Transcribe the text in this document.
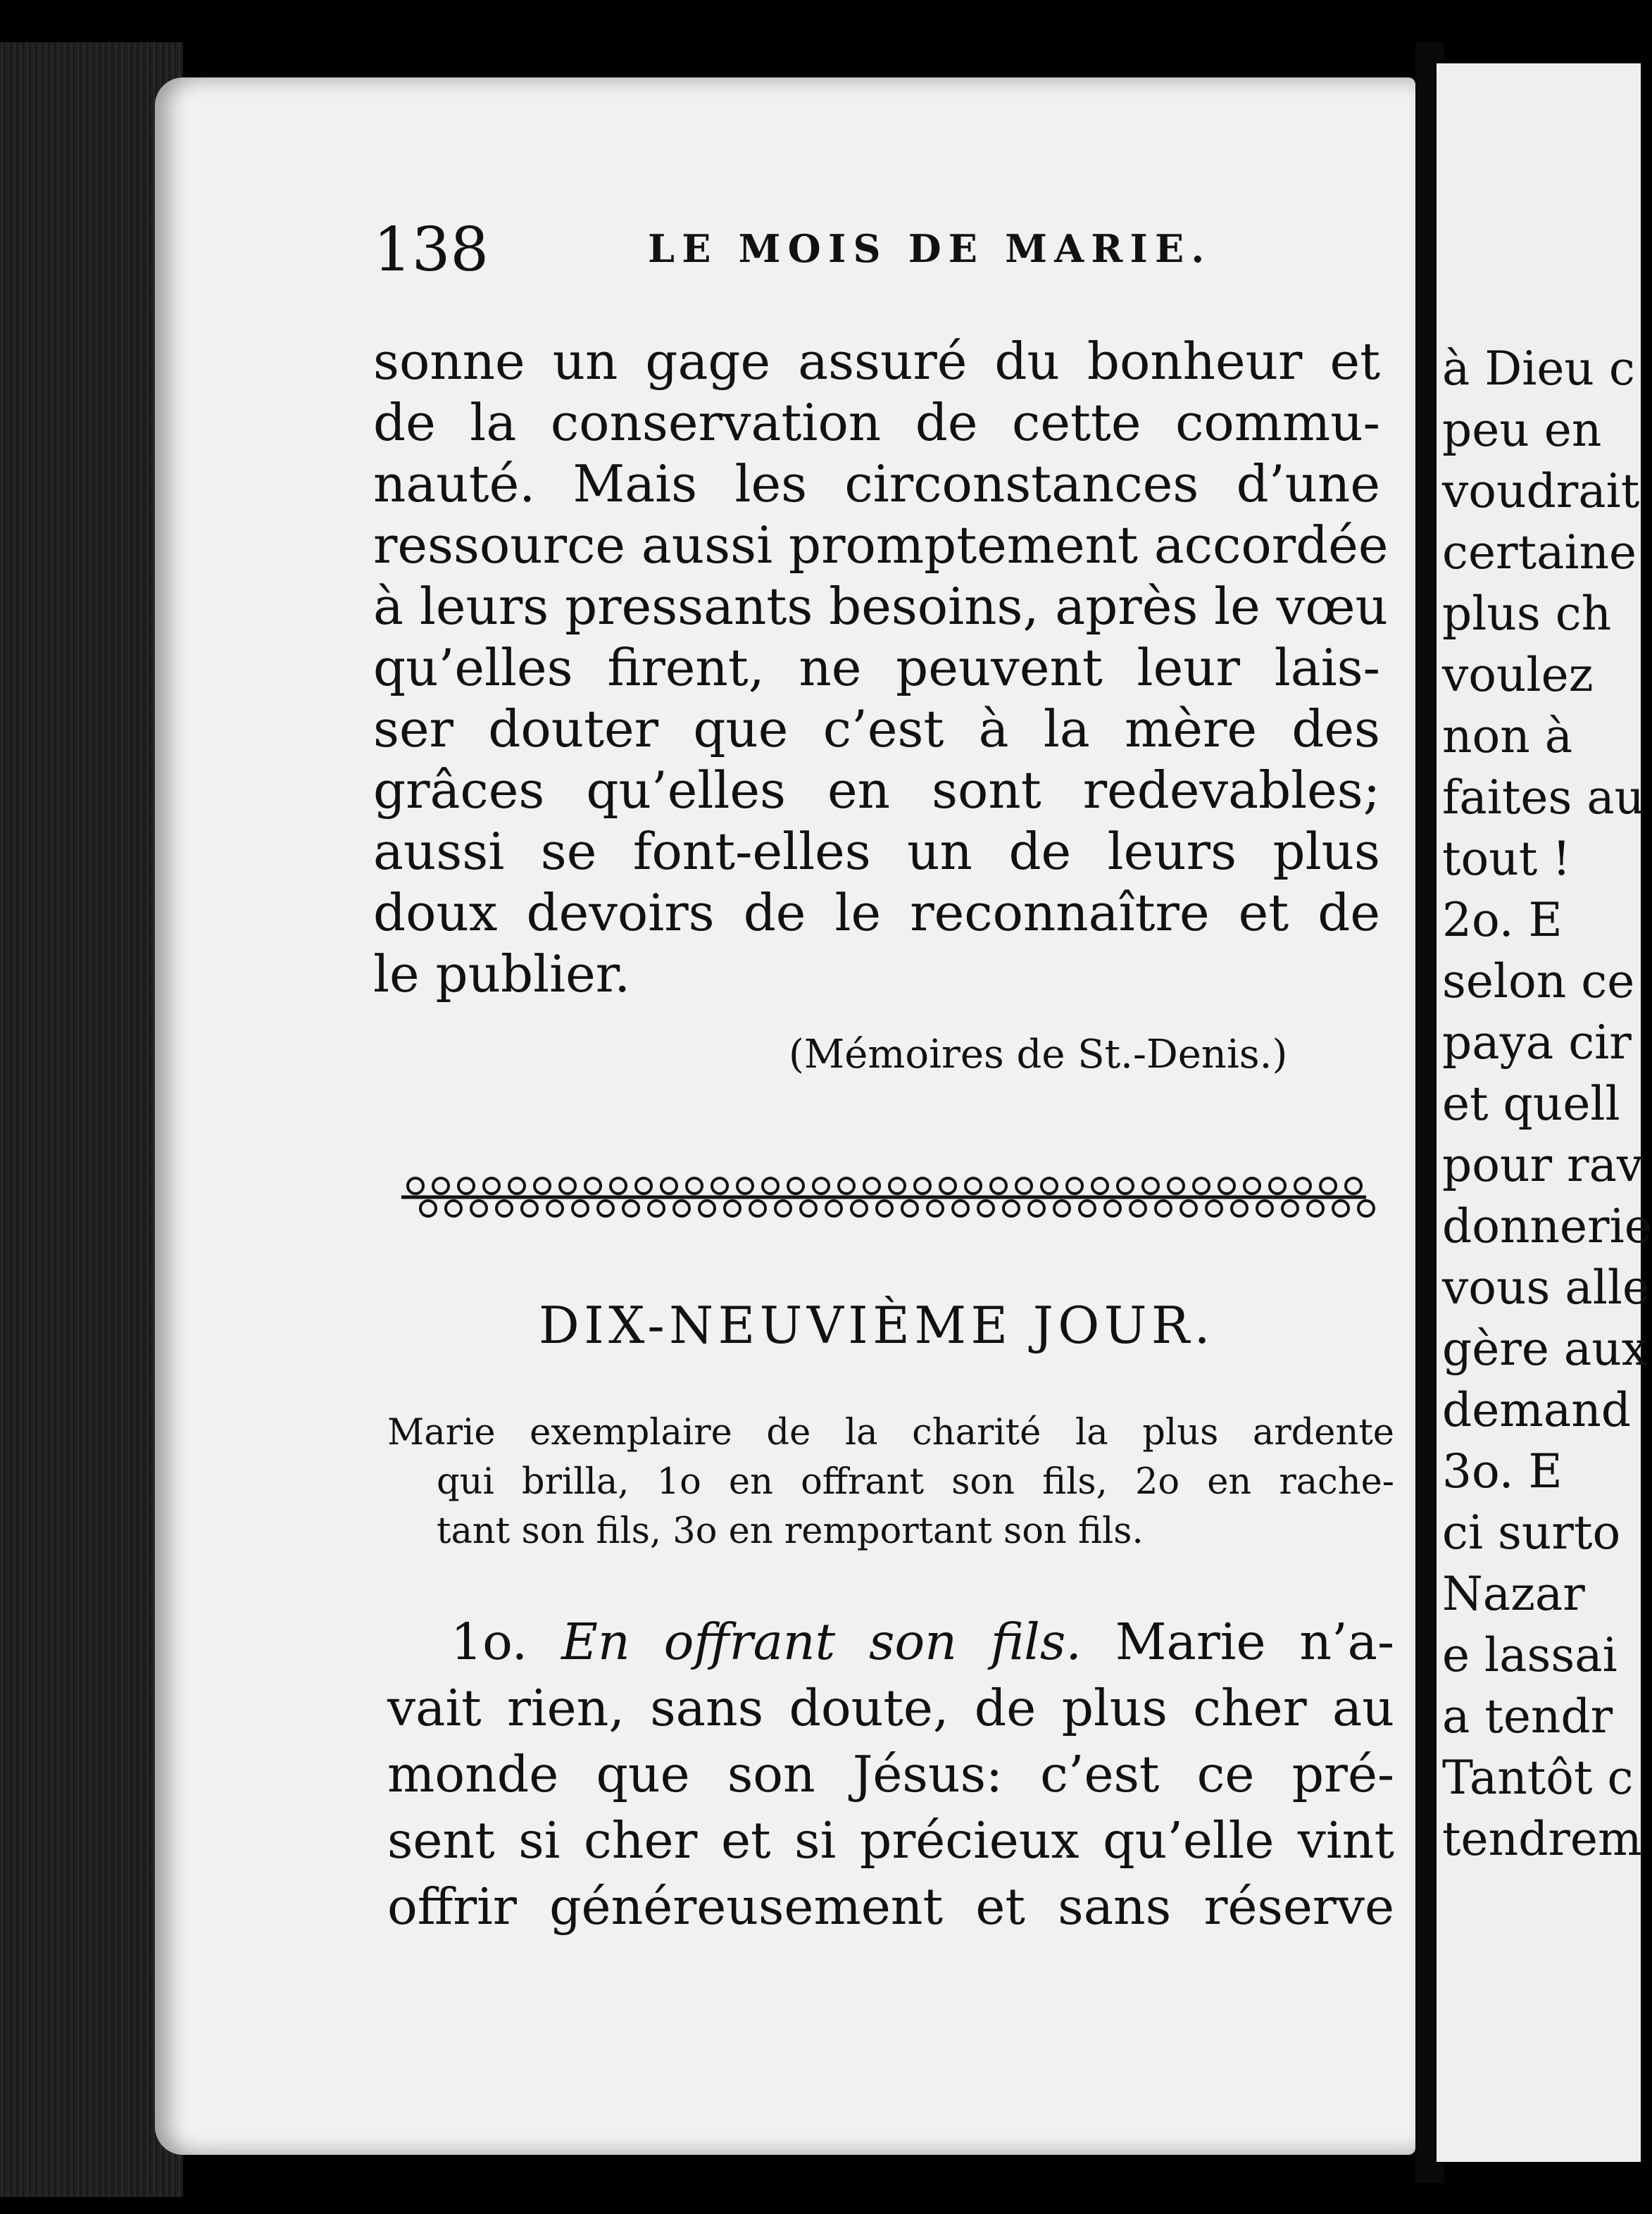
138	LE MOIS DE MARIE.
sonne un gage assuré du bonheur et
de la conservation de cette commu-
nauté. Mais les circonstances d’une
ressource aussi promptement accordée
à leurs pressants besoins, après le vœu
qu’elles firent, ne peuvent leur lais-
ser douter que c’est à la mère des
grâces qu’elles en sont redevables;
aussi se font-elles un de leurs plus
doux devoirs de le reconnaître et de
le publier.
(Mémoires de St.-Denis.)
DIX-NEUVIÈME JOUR.
Marie exemplaire de la charité la plus ardente
qui brilla, 1o en offrant son fils, 2o en rache-
tant son fils, 3o en remportant son fils.
1o. En offrant son fils. Marie n’a-
vait rien, sans doute, de plus cher au
monde que son Jésus: c’est ce pré-
sent si cher et si précieux qu’elle vint
offrir généreusement et sans réserve
à Dieu c
peu en
voudrait
certaine
plus ch
voulez
non à
faites au
tout !
2o. E
selon ce
paya cir
et quell
pour rav
donnerie
vous alle
gère aux
demand
3o. E
ci surto
Nazar
e lassai
a tendr
Tantôt c
tendrem
